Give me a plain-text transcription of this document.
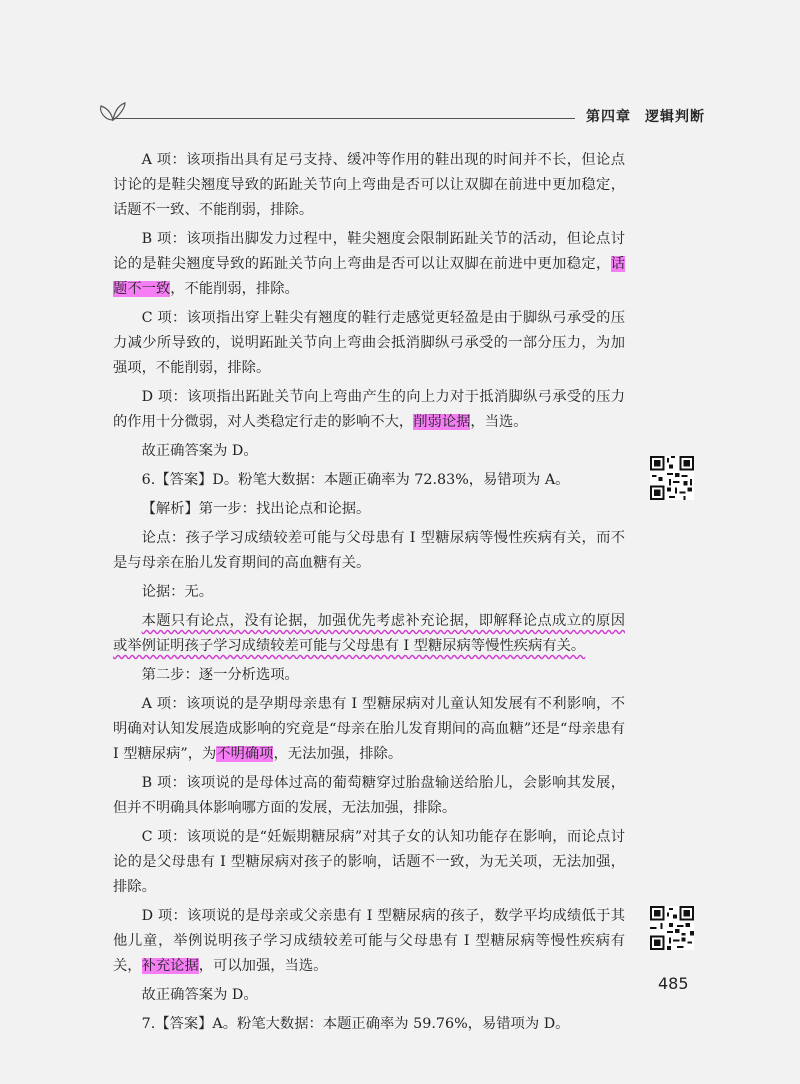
第四章 逻辑判断

A 项：该项指出具有足弓支持、缓冲等作用的鞋出现的时间并不长，但论点讨论的是鞋尖翘度导致的跖趾关节向上弯曲是否可以让双脚在前进中更加稳定，话题不一致、不能削弱，排除。

B 项：该项指出脚发力过程中，鞋尖翘度会限制跖趾关节的活动，但论点讨论的是鞋尖翘度导致的跖趾关节向上弯曲是否可以让双脚在前进中更加稳定，话题不一致，不能削弱，排除。

C 项：该项指出穿上鞋尖有翘度的鞋行走感觉更轻盈是由于脚纵弓承受的压力减少所导致的，说明跖趾关节向上弯曲会抵消脚纵弓承受的一部分压力，为加强项，不能削弱，排除。

D 项：该项指出跖趾关节向上弯曲产生的向上力对于抵消脚纵弓承受的压力的作用十分微弱，对人类稳定行走的影响不大，削弱论据，当选。

故正确答案为 D。

6.【答案】D。粉笔大数据：本题正确率为 72.83%，易错项为 A。

【解析】第一步：找出论点和论据。

论点：孩子学习成绩较差可能与父母患有 Ⅰ 型糖尿病等慢性疾病有关，而不是与母亲在胎儿发育期间的高血糖有关。

论据：无。

本题只有论点，没有论据，加强优先考虑补充论据，即解释论点成立的原因或举例证明孩子学习成绩较差可能与父母患有 Ⅰ 型糖尿病等慢性疾病有关。

第二步：逐一分析选项。

A 项：该项说的是孕期母亲患有 Ⅰ 型糖尿病对儿童认知发展有不利影响，不明确对认知发展造成影响的究竟是“母亲在胎儿发育期间的高血糖”还是“母亲患有 Ⅰ 型糖尿病”，为不明确项，无法加强，排除。

B 项：该项说的是母体过高的葡萄糖穿过胎盘输送给胎儿，会影响其发展，但并不明确具体影响哪方面的发展，无法加强，排除。

C 项：该项说的是“妊娠期糖尿病”对其子女的认知功能存在影响，而论点讨论的是父母患有 Ⅰ 型糖尿病对孩子的影响，话题不一致，为无关项，无法加强，排除。

D 项：该项说的是母亲或父亲患有 Ⅰ 型糖尿病的孩子，数学平均成绩低于其他儿童，举例说明孩子学习成绩较差可能与父母患有 Ⅰ 型糖尿病等慢性疾病有关，补充论据，可以加强，当选。

故正确答案为 D。

7.【答案】A。粉笔大数据：本题正确率为 59.76%，易错项为 D。

485
